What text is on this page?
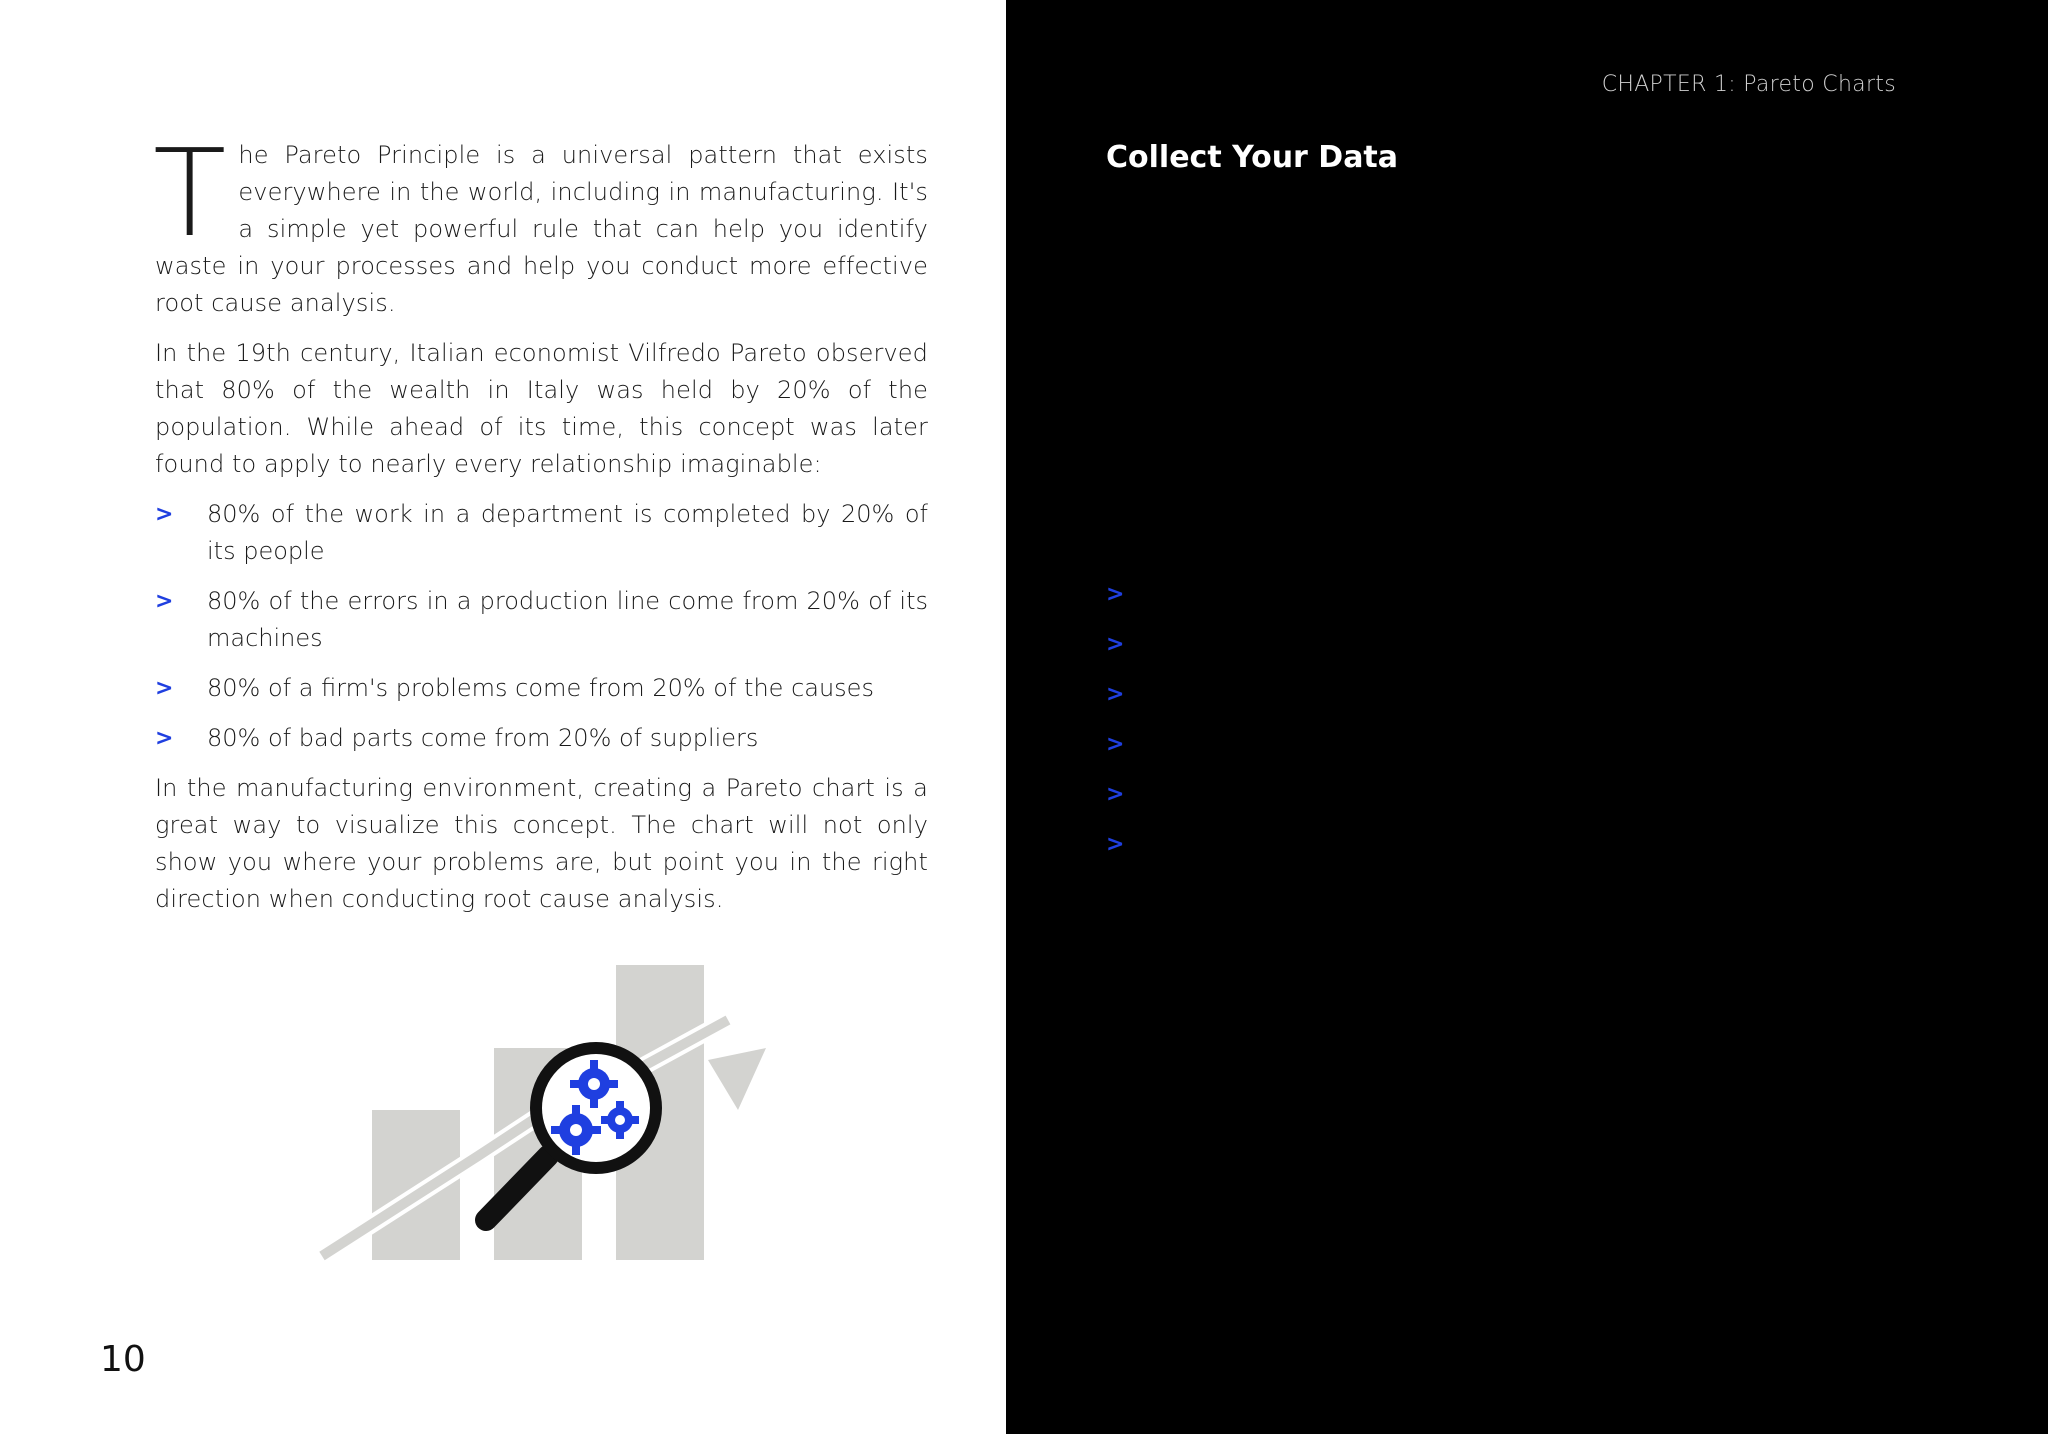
The Pareto Principle is a universal pattern that exists everywhere in the world, including in manufacturing. It's a simple yet powerful rule that can help you identify waste in your processes and help you conduct more effective root cause analysis.

In the 19th century, Italian economist Vilfredo Pareto observed that 80% of the wealth in Italy was held by 20% of the population. While ahead of its time, this concept was later found to apply to nearly every relationship imaginable:

> 80% of the work in a department is completed by 20% of its people
> 80% of the errors in a production line come from 20% of its machines
> 80% of a firm's problems come from 20% of the causes
> 80% of bad parts come from 20% of suppliers

In the manufacturing environment, creating a Pareto chart is a great way to visualize this concept. The chart will not only show you where your problems are, but point you in the right direction when conducting root cause analysis.

10
CHAPTER 1: Pareto Charts
Collect Your Data

As with many quality processes, it all starts with data collection. First, you have to choose what you're going to count and for how long. For example, let's say you have an assembly line that stops a lot and you want to figure out why. Any number of reasons could be causing the problem, so you'll need to make a list of the common causes and count when they happen.

In this scenario, the assembly line stops because of one of the following reasons:

> Missing parts
> Missing tools
> Wrong parts
> Blocked line
> Maintenance issues
> Other

The "other" category is for issues you haven't thought of yet. The next step is to sit on the line each day for a set period of time—let's say five days straight—and mark down when the line stops moving and why.

If it's a missing part, record an occurrence for that category. If the line can't move because the area ahead of it isn't moving, record an occurrence in the blocked line category. Once observation is complete, you can put the data into a graph format.
